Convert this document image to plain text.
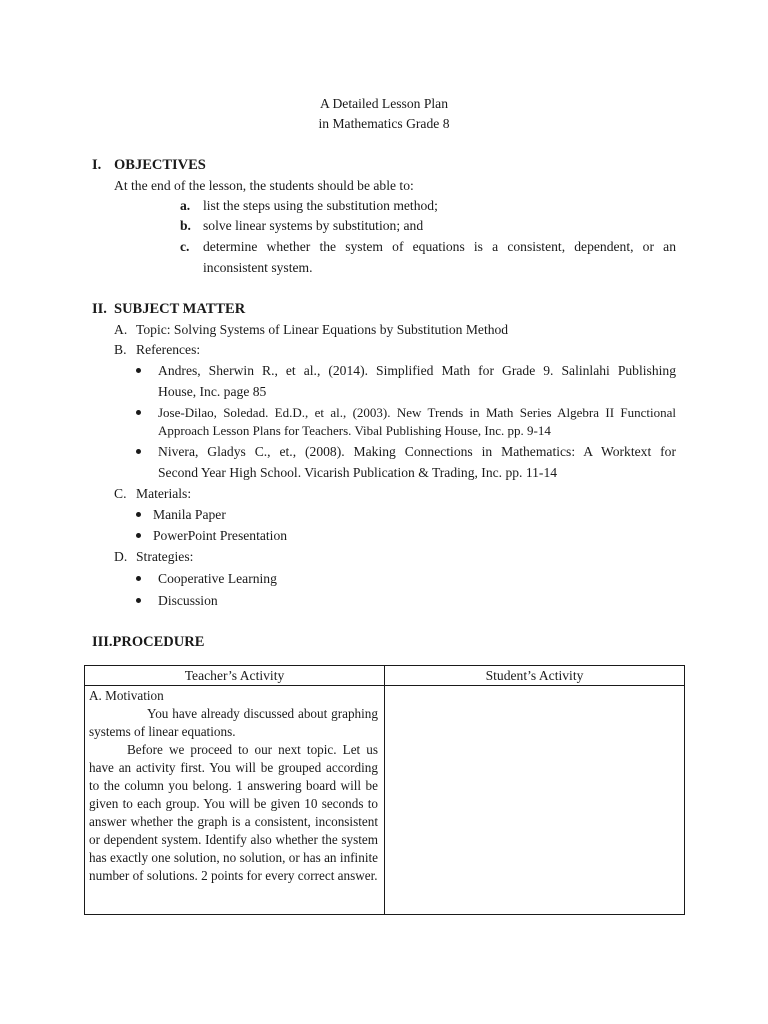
A Detailed Lesson Plan
in Mathematics Grade 8
I. OBJECTIVES
At the end of the lesson, the students should be able to:
a. list the steps using the substitution method;
b. solve linear systems by substitution; and
c. determine whether the system of equations is a consistent, dependent, or an
inconsistent system.
II. SUBJECT MATTER
A. Topic: Solving Systems of Linear Equations by Substitution Method
B. References:
Andres, Sherwin R., et al., (2014). Simplified Math for Grade 9. Salinlahi Publishing
House, Inc. page 85
Jose-Dilao, Soledad. Ed.D., et al., (2003). New Trends in Math Series Algebra II Functional
Approach Lesson Plans for Teachers. Vibal Publishing House, Inc. pp. 9-14
Nivera, Gladys C., et., (2008). Making Connections in Mathematics: A Worktext for
Second Year High School. Vicarish Publication & Trading, Inc. pp. 11-14
C. Materials:
Manila Paper
PowerPoint Presentation
D. Strategies:
Cooperative Learning
Discussion
III.PROCEDURE
Teacher’s Activity	Student’s Activity

A. Motivation

You have already discussed about graphing systems of linear equations.

Before we proceed to our next topic. Let us have an activity first. You will be grouped according to the column you belong. 1 answering board will be given to each group. You will be given 10 seconds to answer whether the graph is a consistent, inconsistent or dependent system. Identify also whether the system has exactly one solution, no solution, or has an infinite number of solutions. 2 points for every correct answer.
